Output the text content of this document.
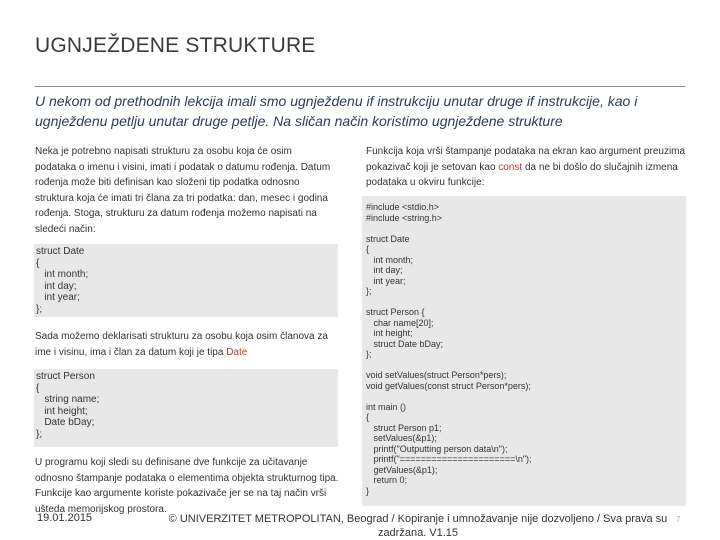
UGNJEŽDENE STRUKTURE
U nekom od prethodnih lekcija imali smo ugnježdenu if instrukciju unutar druge if instrukcije, kao i ugnježdenu petlju unutar druge petlje. Na sličan način koristimo ugnježdene strukture
Neka je potrebno napisati strukturu za osobu koja će osim podataka o imenu i visini, imati i podatak o datumu rođenja. Datum rođenja može biti definisan kao složeni tip podatka odnosno struktura koja će imati tri člana za tri podatka: dan, mesec i godina rođenja. Stoga, strukturu za datum rođenja možemo napisati na sledeći način:
struct Date
{
int month;
int day;
int year;
};
Sada možemo deklarisati strukturu za osobu koja osim članova za ime i visinu, ima i član za datum koji je tipa Date
struct Person
{
string name;
int height;
Date bDay;
};
U programu koji sledi su definisane dve funkcije za učitavanje odnosno štampanje podataka o elementima objekta strukturnog tipa. Funkcije kao argumente koriste pokazivače jer se na taj način vrši ušteda memorijskog prostora.
Funkcija koja vrši štampanje podataka na ekran kao argument preuzima pokazivač koji je setovan kao const da ne bi došlo do slučajnih izmena podataka u okviru funkcije:
#include <stdio.h>
#include <string.h>

struct Date
{
int month;
int day;
int year;
};

struct Person {
char name[20];
int height;
struct Date bDay;
};

void setValues(struct Person*pers);
void getValues(const struct Person*pers);

int main ()
{
struct Person p1;
setValues(&p1);
printf("Outputting person data\n");
printf("======================\n");
getValues(&p1);
return 0;
}
19.01.2015	© UNIVERZITET METROPOLITAN, Beograd / Kopiranje i umnožavanje nije dozvoljeno / Sva prava su zadržana. V1.15
7
